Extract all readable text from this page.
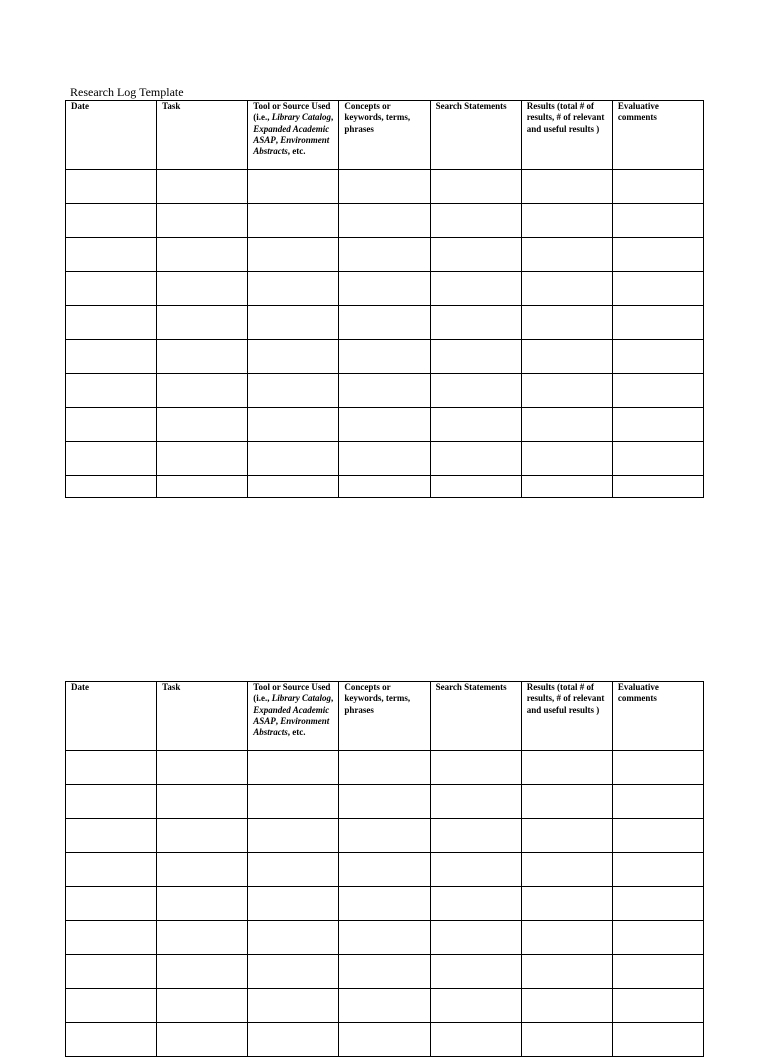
Research Log Template
Date	Task	Tool or Source Used (i.e., Library Catalog, Expanded Academic ASAP, Environment Abstracts, etc.	Concepts or keywords, terms, phrases	Search Statements	Results (total # of results, # of relevant and useful results )	Evaluative comments

Date	Task	Tool or Source Used (i.e., Library Catalog, Expanded Academic ASAP, Environment Abstracts, etc.	Concepts or keywords, terms, phrases	Search Statements	Results (total # of results, # of relevant and useful results )	Evaluative comments
